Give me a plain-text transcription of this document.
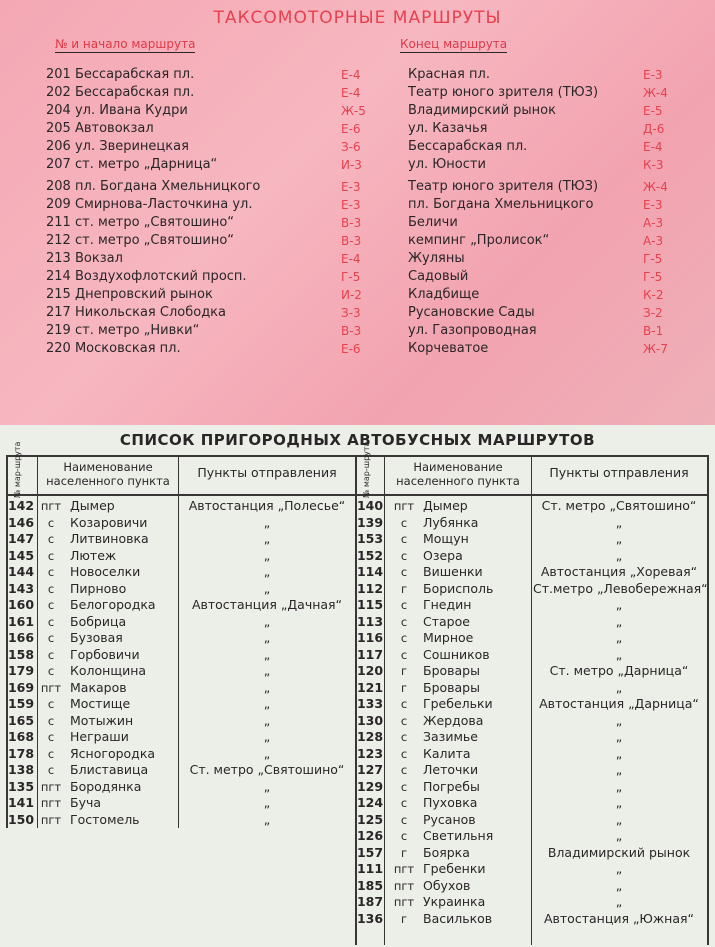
ТАКСОМОТОРНЫЕ МАРШРУТЫ
№ и начало маршрута	Конец маршрута
201 Бессарабская пл.	Е-4	Красная пл.	Е-3
202 Бессарабская пл.	Е-4	Театр юного зрителя (ТЮЗ)	Ж-4
204 ул. Ивана Кудри	Ж-5	Владимирский рынок	Е-5
205 Автовокзал	Е-6	ул. Казачья	Д-6
206 ул. Зверинецкая	З-6	Бессарабская пл.	Е-4
207 ст. метро „Дарница“	И-3	ул. Юности	К-3
208 пл. Богдана Хмельницкого	Е-3	Театр юного зрителя (ТЮЗ)	Ж-4
209 Смирнова-Ласточкина ул.	Е-3	пл. Богдана Хмельницкого	Е-3
211 ст. метро „Святошино“	В-3	Беличи	А-3
212 ст. метро „Святошино“	В-3	кемпинг „Пролисок“	А-3
213 Вокзал	Е-4	Жуляны	Г-5
214 Воздухофлотский просп.	Г-5	Садовый	Г-5
215 Днепровский рынок	И-2	Кладбище	К-2
217 Никольская Слободка	З-3	Русановские Сады	З-2
219 ст. метро „Нивки“	В-3	ул. Газопроводная	В-1
220 Московская пл.	Е-6	Корчеватое	Ж-7
СПИСОК ПРИГОРОДНЫХ АВТОБУСНЫХ МАРШРУТОВ
№ мар-шрута	Наименование населенного пункта
Пункты отправления	№ мар-шрута	Наименование населенного пункта
Пункты отправления
142 пгт Дымер	Автостанция „Полесье“
146	с	Козаровичи	„
147	с	Литвиновка	„
145	с	Лютеж	„
144	с	Новоселки	„
143	с	Пирново	„
160	с	Белогородка	Автостанция „Дачная“
161	с	Бобрица	„
166	с	Бузовая	„
158	с	Горбовичи	„
179	с	Колонщина	„
169 пгт Макаров	„
159	с	Мостище	„
165	с	Мотыжин	„
168	с	Неграши	„
178	с	Ясногородка	„
138	с	Блиставица	Ст. метро „Святошино“
135 пгт Бородянка	„
141 пгт Буча	„
150 пгт Гостомель	„
140 пгт Дымер	Ст. метро „Святошино“
139	с	Лубянка	„
153	с	Мощун	„
152	с	Озера	„
114	с	Вишенки	Автостанция „Хоревая“
112	г	Борисполь	Ст.метро „Левобережная“
115	с	Гнедин	„
113	с	Старое	„
116	с	Мирное	„
117	с	Сошников	„
120	г	Бровары	Ст. метро „Дарница“
121	г	Бровары	„
133	с	Гребельки	Автостанция „Дарница“
130	с	Жердова	„
128	с	Зазимье	„
123	с	Калита	„
127	с	Леточки	„
129	с	Погребы	„
124	с	Пуховка	„
125	с	Русанов	„
126	с	Светильня	„
157	г	Боярка	Владимирский рынок
111 пгт Гребенки	„
185 пгт Обухов	„
187 пгт Украинка	„
136	г	Васильков	Автостанция „Южная“
